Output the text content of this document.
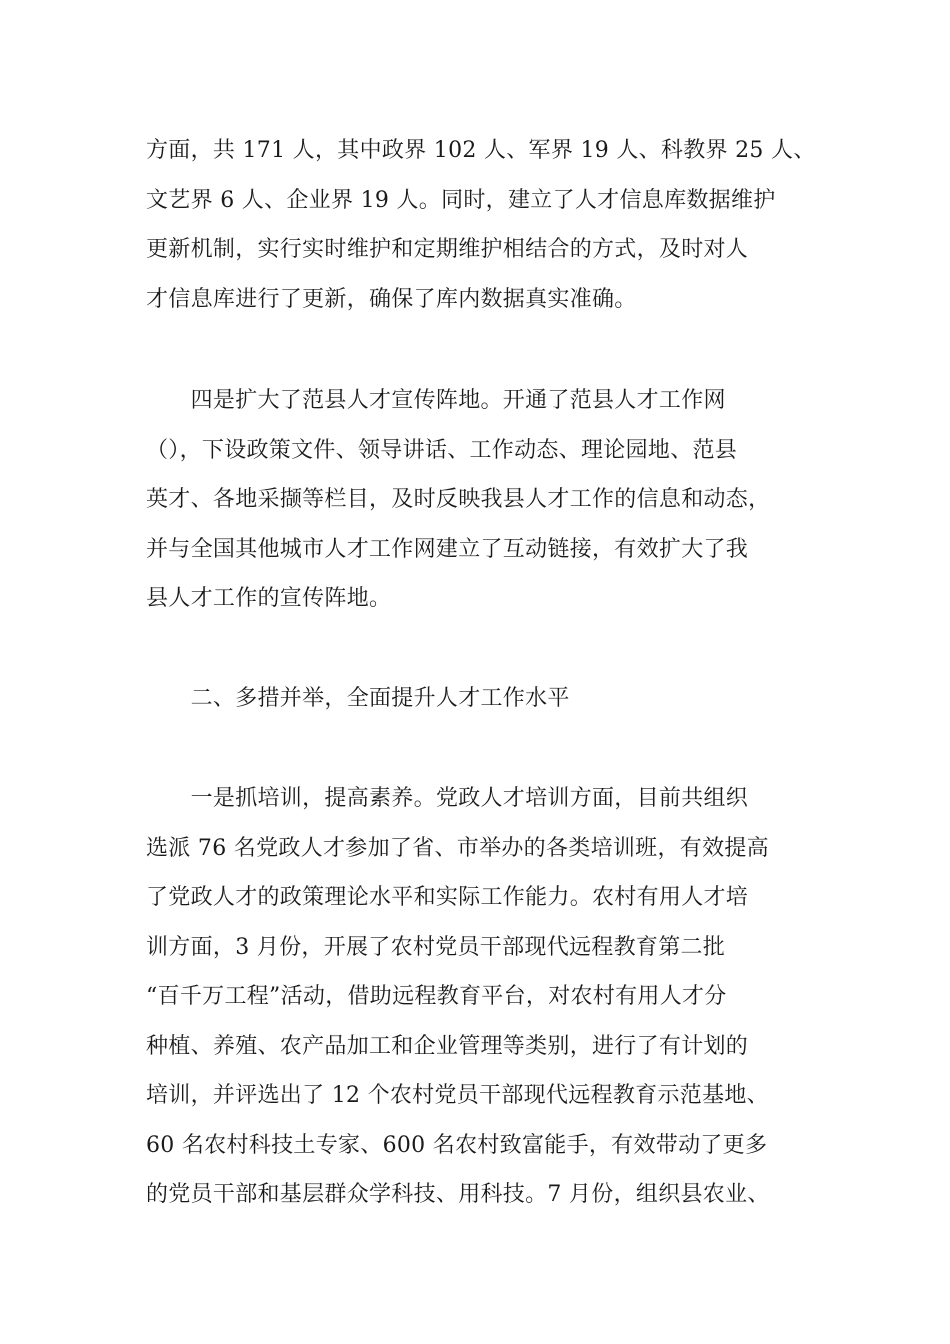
方面，共 171 人，其中政界 102 人、军界 19 人、科教界 25 人、
文艺界 6 人、企业界 19 人。同时，建立了人才信息库数据维护
更新机制，实行实时维护和定期维护相结合的方式，及时对人
才信息库进行了更新，确保了库内数据真实准确。
　　四是扩大了范县人才宣传阵地。开通了范县人才工作网
（），下设政策文件、领导讲话、工作动态、理论园地、范县
英才、各地采撷等栏目，及时反映我县人才工作的信息和动态，
并与全国其他城市人才工作网建立了互动链接，有效扩大了我
县人才工作的宣传阵地。
　　二、多措并举，全面提升人才工作水平
　　一是抓培训，提高素养。党政人才培训方面，目前共组织
选派 76 名党政人才参加了省、市举办的各类培训班，有效提高
了党政人才的政策理论水平和实际工作能力。农村有用人才培
训方面，3 月份，开展了农村党员干部现代远程教育第二批
“百千万工程”活动，借助远程教育平台，对农村有用人才分
种植、养殖、农产品加工和企业管理等类别，进行了有计划的
培训，并评选出了 12 个农村党员干部现代远程教育示范基地、
60 名农村科技土专家、600 名农村致富能手，有效带动了更多
的党员干部和基层群众学科技、用科技。7 月份，组织县农业、
